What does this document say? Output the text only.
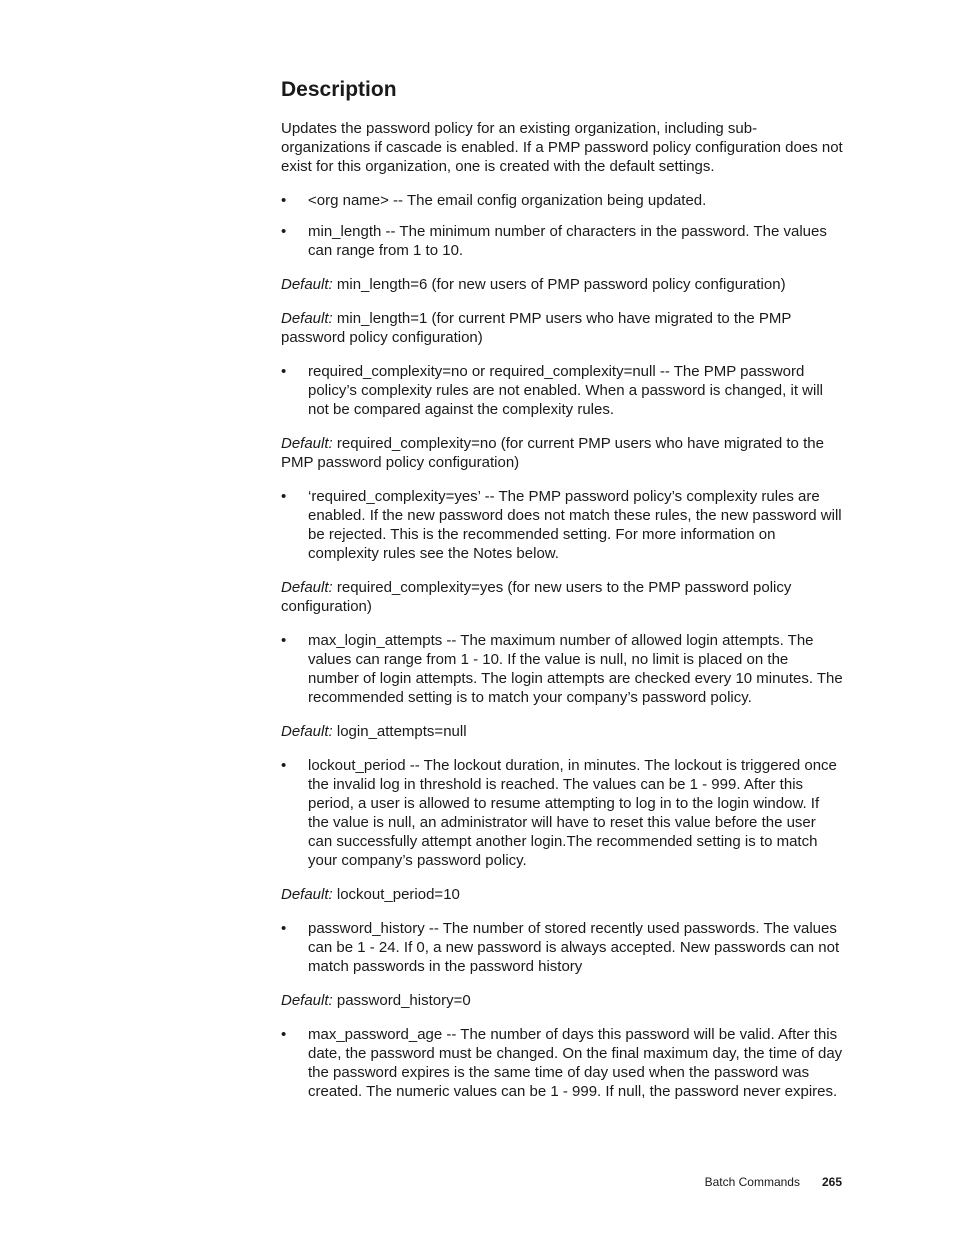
Description

Updates the password policy for an existing organization, including sub-organizations if cascade is enabled. If a PMP password policy configuration does not exist for this organization, one is created with the default settings.

• <org name> -- The email config organization being updated.
• min_length -- The minimum number of characters in the password. The values can range from 1 to 10.

Default: min_length=6 (for new users of PMP password policy configuration)

Default: min_length=1 (for current PMP users who have migrated to the PMP password policy configuration)

• required_complexity=no or required_complexity=null -- The PMP password policy’s complexity rules are not enabled. When a password is changed, it will not be compared against the complexity rules.

Default: required_complexity=no (for current PMP users who have migrated to the PMP password policy configuration)

• ‘required_complexity=yes’ -- The PMP password policy’s complexity rules are enabled. If the new password does not match these rules, the new password will be rejected. This is the recommended setting. For more information on complexity rules see the Notes below.

Default: required_complexity=yes (for new users to the PMP password policy configuration)

• max_login_attempts -- The maximum number of allowed login attempts. The values can range from 1 - 10. If the value is null, no limit is placed on the number of login attempts. The login attempts are checked every 10 minutes. The recommended setting is to match your company’s password policy.

Default: login_attempts=null

• lockout_period -- The lockout duration, in minutes. The lockout is triggered once the invalid log in threshold is reached. The values can be 1 - 999. After this period, a user is allowed to resume attempting to log in to the login window. If the value is null, an administrator will have to reset this value before the user can successfully attempt another login.The recommended setting is to match your company’s password policy.

Default: lockout_period=10

• password_history -- The number of stored recently used passwords. The values can be 1 - 24. If 0, a new password is always accepted. New passwords can not match passwords in the password history

Default: password_history=0

• max_password_age -- The number of days this password will be valid. After this date, the password must be changed. On the final maximum day, the time of day the password expires is the same time of day used when the password was created. The numeric values can be 1 - 999. If null, the password never expires.
Batch Commands 265
